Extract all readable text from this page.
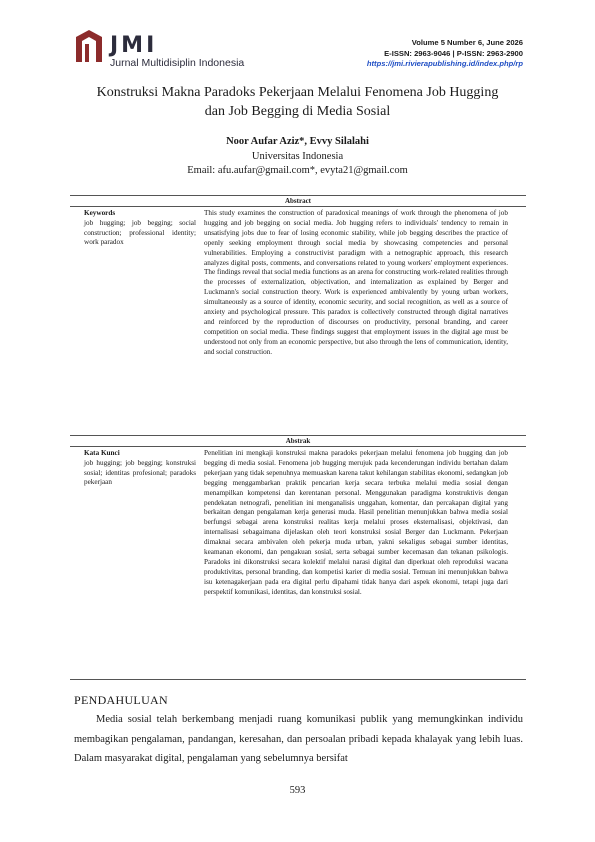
JMI
Jurnal Multidisiplin Indonesia
Volume 5 Number 6, June 2026
E-ISSN: 2963-9046 | P-ISSN: 2963-2900
https://jmi.rivierapublishing.id/index.php/rp
Konstruksi Makna Paradoks Pekerjaan Melalui Fenomena Job Hugging
dan Job Begging di Media Sosial
Noor Aufar Aziz*, Evvy Silalahi
Universitas Indonesia
Email: afu.aufar@gmail.com*, evyta21@gmail.com
Abstract
Keywords
job hugging; job begging; social construction; professional identity; work paradox
This study examines the construction of paradoxical meanings of work through the phenomena of job hugging and job begging on social media. Job hugging refers to individuals' tendency to remain in unsatisfying jobs due to fear of losing economic stability, while job begging describes the practice of openly seeking employment through social media by showcasing competencies and personal vulnerabilities. Employing a constructivist paradigm with a netnographic approach, this research analyzes digital posts, comments, and conversations related to young workers' employment experiences. The findings reveal that social media functions as an arena for constructing work-related realities through the processes of externalization, objectivation, and internalization as explained by Berger and Luckmann's social construction theory. Work is experienced ambivalently by young urban workers, simultaneously as a source of identity, economic security, and social recognition, as well as a source of anxiety and psychological pressure. This paradox is collectively constructed through digital narratives and reinforced by the reproduction of discourses on productivity, personal branding, and career competition on social media. These findings suggest that employment issues in the digital age must be understood not only from an economic perspective, but also through the lens of communication, identity, and social construction.
Abstrak
Kata Kunci
job hugging; job begging; konstruksi sosial; identitas profesional; paradoks pekerjaan
Penelitian ini mengkaji konstruksi makna paradoks pekerjaan melalui fenomena job hugging dan job begging di media sosial. Fenomena job hugging merujuk pada kecenderungan individu bertahan dalam pekerjaan yang tidak sepenuhnya memuaskan karena takut kehilangan stabilitas ekonomi, sedangkan job begging menggambarkan praktik pencarian kerja secara terbuka melalui media sosial dengan menampilkan kompetensi dan kerentanan personal. Menggunakan paradigma konstruktivis dengan pendekatan netnografi, penelitian ini menganalisis unggahan, komentar, dan percakapan digital yang berkaitan dengan pengalaman kerja generasi muda. Hasil penelitian menunjukkan bahwa media sosial berfungsi sebagai arena konstruksi realitas kerja melalui proses eksternalisasi, objektivasi, dan internalisasi sebagaimana dijelaskan oleh teori konstruksi sosial Berger dan Luckmann. Pekerjaan dimaknai secara ambivalen oleh pekerja muda urban, yakni sekaligus sebagai sumber identitas, keamanan ekonomi, dan pengakuan sosial, serta sebagai sumber kecemasan dan tekanan psikologis. Paradoks ini dikonstruksi secara kolektif melalui narasi digital dan diperkuat oleh reproduksi wacana produktivitas, personal branding, dan kompetisi karier di media sosial. Temuan ini menunjukkan bahwa isu ketenagakerjaan pada era digital perlu dipahami tidak hanya dari aspek ekonomi, tetapi juga dari perspektif komunikasi, identitas, dan konstruksi sosial.
PENDAHULUAN
Media sosial telah berkembang menjadi ruang komunikasi publik yang memungkinkan individu membagikan pengalaman, pandangan, keresahan, dan persoalan pribadi kepada khalayak yang lebih luas. Dalam masyarakat digital, pengalaman yang sebelumnya bersifat
593
